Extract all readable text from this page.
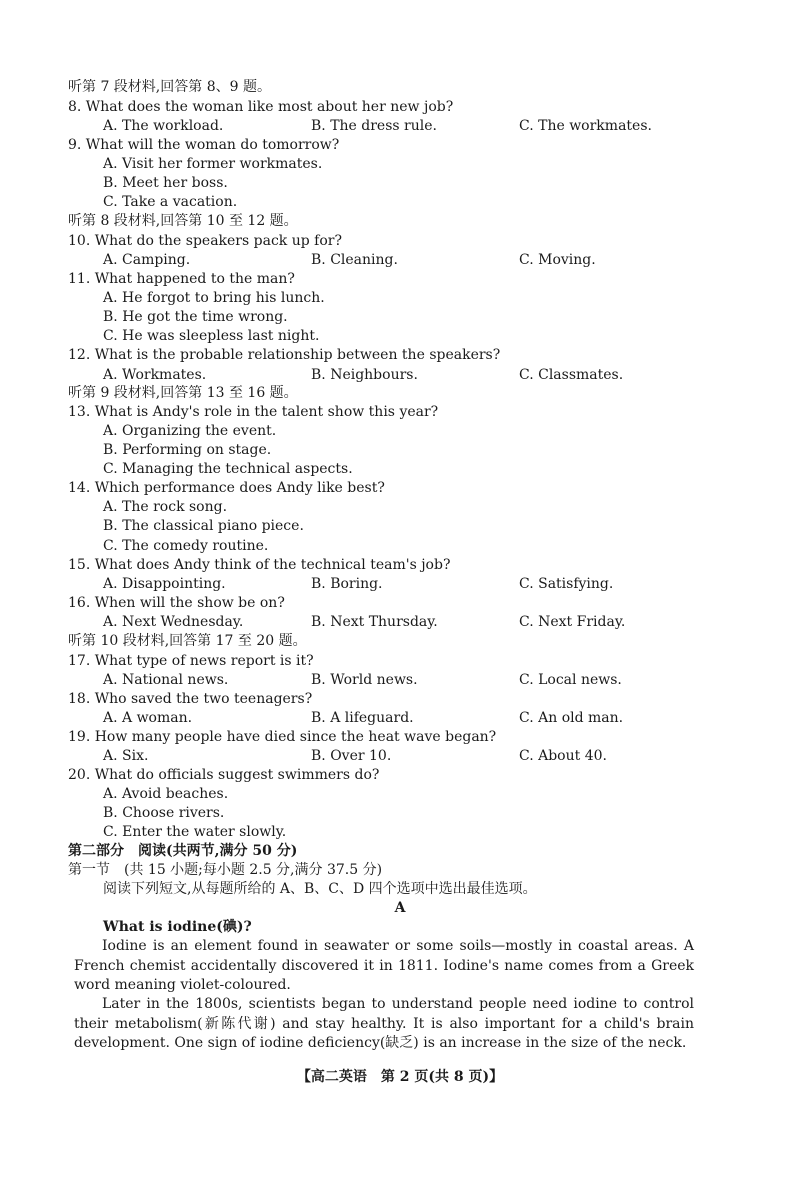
听第 7 段材料,回答第 8、9 题。
8. What does the woman like most about her new job?
A. The workload.	B. The dress rule.	C. The workmates.
9. What will the woman do tomorrow?
A. Visit her former workmates.
B. Meet her boss.
C. Take a vacation.
听第 8 段材料,回答第 10 至 12 题。
10. What do the speakers pack up for?
A. Camping.	B. Cleaning.	C. Moving.
11. What happened to the man?
A. He forgot to bring his lunch.
B. He got the time wrong.
C. He was sleepless last night.
12. What is the probable relationship between the speakers?
A. Workmates.	B. Neighbours.	C. Classmates.
听第 9 段材料,回答第 13 至 16 题。
13. What is Andy's role in the talent show this year?
A. Organizing the event.
B. Performing on stage.
C. Managing the technical aspects.
14. Which performance does Andy like best?
A. The rock song.
B. The classical piano piece.
C. The comedy routine.
15. What does Andy think of the technical team's job?
A. Disappointing.	B. Boring.	C. Satisfying.
16. When will the show be on?
A. Next Wednesday.	B. Next Thursday.	C. Next Friday.
听第 10 段材料,回答第 17 至 20 题。
17. What type of news report is it?
A. National news.	B. World news.	C. Local news.
18. Who saved the two teenagers?
A. A woman.	B. A lifeguard.	C. An old man.
19. How many people have died since the heat wave began?
A. Six.	B. Over 10.	C. About 40.
20. What do officials suggest swimmers do?
A. Avoid beaches.
B. Choose rivers.
C. Enter the water slowly.
第二部分　阅读(共两节,满分 50 分)
第一节　(共 15 小题;每小题 2.5 分,满分 37.5 分)
阅读下列短文,从每题所给的 A、B、C、D 四个选项中选出最佳选项。
A
What is iodine(碘)?

Iodine is an element found in seawater or some soils—mostly in coastal areas. A French chemist accidentally discovered it in 1811. Iodine's name comes from a Greek word meaning violet-coloured.

Later in the 1800s, scientists began to understand people need iodine to control their metabolism(新陈代谢) and stay healthy. It is also important for a child's brain development. One sign of iodine deficiency(缺乏) is an increase in the size of the neck.

【高二英语　第 2 页(共 8 页)】
